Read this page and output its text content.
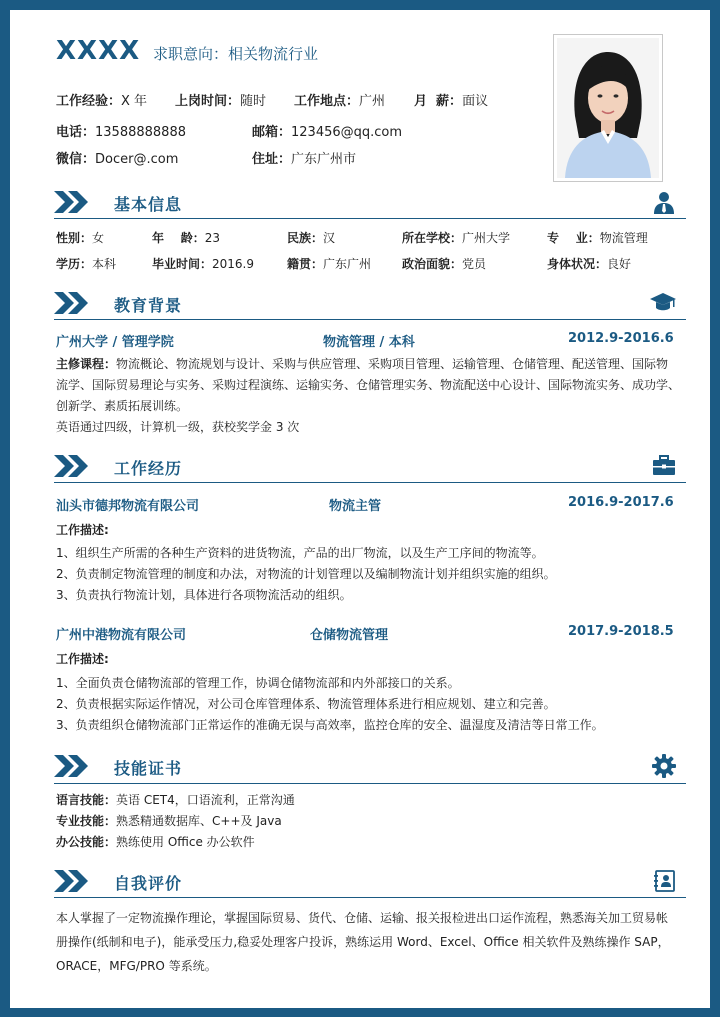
XXXX 求职意向：相关物流行业
工作经验：X 年 上岗时间：随时 工作地点：广州 月  薪：面议
电话：13588888888	邮箱：123456@qq.com
微信：Docer@.com	住址：广东广州市
基本信息
性别：女	年    龄：23	民族：汉	所在学校：广州大学	专    业：物流管理
学历：本科	毕业时间：2016.9	籍贯：广东广州	政治面貌：党员	身体状况：良好
教育背景
广州大学 / 管理学院	物流管理 / 本科	2012.9-2016.6
主修课程：物流概论、物流规划与设计、采购与供应管理、采购项目管理、运输管理、仓储管理、配送管理、国际物
流学、国际贸易理论与实务、采购过程演练、运输实务、仓储管理实务、物流配送中心设计、国际物流实务、成功学、
创新学、素质拓展训练。
英语通过四级，计算机一级，获校奖学金 3 次
工作经历
汕头市德邦物流有限公司	物流主管	2016.9-2017.6
工作描述:
1、组织生产所需的各种生产资料的进货物流，产品的出厂物流，以及生产工序间的物流等。
2、负责制定物流管理的制度和办法，对物流的计划管理以及编制物流计划并组织实施的组织。
3、负责执行物流计划，具体进行各项物流活动的组织。
广州中港物流有限公司	仓储物流管理	2017.9-2018.5
工作描述:
1、全面负责仓储物流部的管理工作，协调仓储物流部和内外部接口的关系。
2、负责根据实际运作情况，对公司仓库管理体系、物流管理体系进行相应规划、建立和完善。
3、负责组织仓储物流部门正常运作的准确无误与高效率，监控仓库的安全、温湿度及清洁等日常工作。
技能证书
语言技能：英语 CET4，口语流利，正常沟通
专业技能：熟悉精通数据库、C++及 Java
办公技能：熟练使用 Office 办公软件
自我评价
本人掌握了一定物流操作理论，掌握国际贸易、货代、仓储、运输、报关报检进出口运作流程，熟悉海关加工贸易帐
册操作(纸制和电子)，能承受压力,稳妥处理客户投诉，熟练运用 Word、Excel、Office 相关软件及熟练操作 SAP，
ORACE，MFG/PRO 等系统。
